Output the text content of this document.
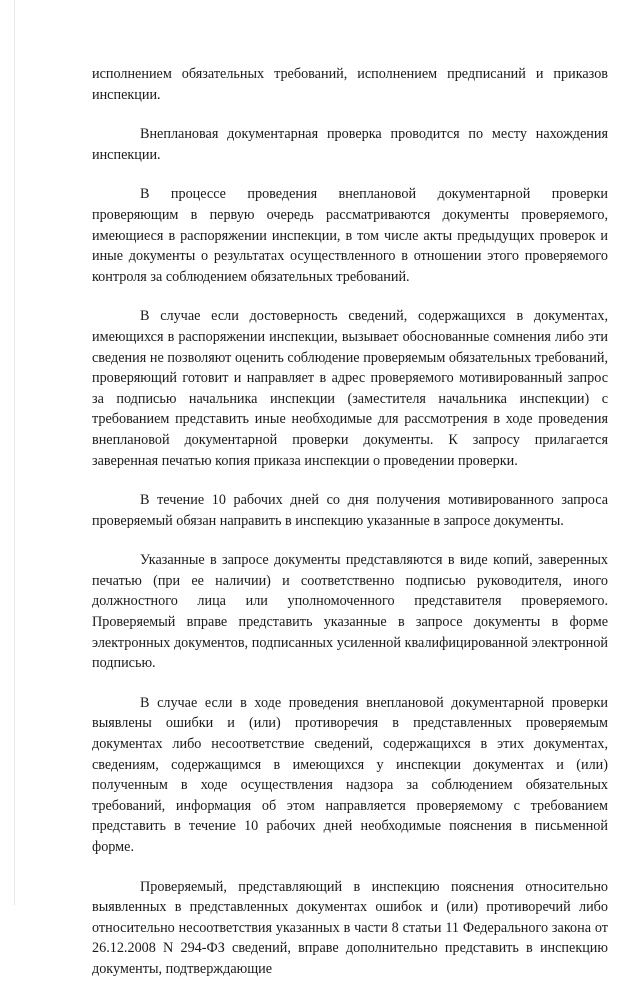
исполнением обязательных требований, исполнением предписаний и приказов инспекции.

Внеплановая документарная проверка проводится по месту нахождения инспекции.

В процессе проведения внеплановой документарной проверки проверяющим в первую очередь рассматриваются документы проверяемого, имеющиеся в распоряжении инспекции, в том числе акты предыдущих проверок и иные документы о результатах осуществленного в отношении этого проверяемого контроля за соблюдением обязательных требований.

В случае если достоверность сведений, содержащихся в документах, имеющихся в распоряжении инспекции, вызывает обоснованные сомнения либо эти сведения не позволяют оценить соблюдение проверяемым обязательных требований, проверяющий готовит и направляет в адрес проверяемого мотивированный запрос за подписью начальника инспекции (заместителя начальника инспекции) с требованием представить иные необходимые для рассмотрения в ходе проведения внеплановой документарной проверки документы. К запросу прилагается заверенная печатью копия приказа инспекции о проведении проверки.

В течение 10 рабочих дней со дня получения мотивированного запроса проверяемый обязан направить в инспекцию указанные в запросе документы.

Указанные в запросе документы представляются в виде копий, заверенных печатью (при ее наличии) и соответственно подписью руководителя, иного должностного лица или уполномоченного представителя проверяемого. Проверяемый вправе представить указанные в запросе документы в форме электронных документов, подписанных усиленной квалифицированной электронной подписью.

В случае если в ходе проведения внеплановой документарной проверки выявлены ошибки и (или) противоречия в представленных проверяемым документах либо несоответствие сведений, содержащихся в этих документах, сведениям, содержащимся в имеющихся у инспекции документах и (или) полученным в ходе осуществления надзора за соблюдением обязательных требований, информация об этом направляется проверяемому с требованием представить в течение 10 рабочих дней необходимые пояснения в письменной форме.

Проверяемый, представляющий в инспекцию пояснения относительно выявленных в представленных документах ошибок и (или) противоречий либо относительно несоответствия указанных в части 8 статьи 11 Федерального закона от 26.12.2008 N 294-ФЗ сведений, вправе дополнительно представить в инспекцию документы, подтверждающие
